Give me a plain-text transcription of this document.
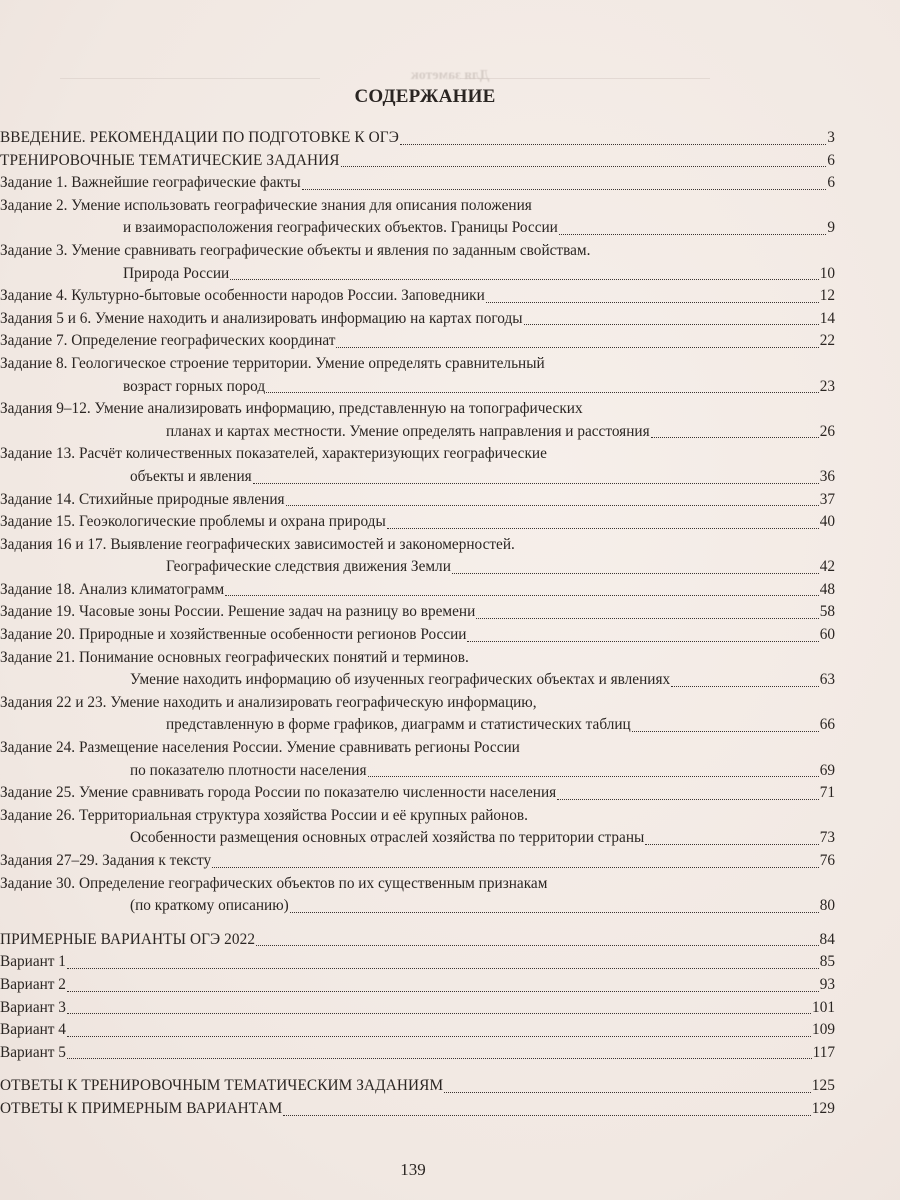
Для заметок
СОДЕРЖАНИЕ
ВВЕДЕНИЕ. РЕКОМЕНДАЦИИ ПО ПОДГОТОВКЕ К ОГЭ	3
ТРЕНИРОВОЧНЫЕ ТЕМАТИЧЕСКИЕ ЗАДАНИЯ	6
Задание 1. Важнейшие географические факты	6
Задание 2. Умение использовать географические знания для описания положения
и взаиморасположения географических объектов. Границы России	9
Задание 3. Умение сравнивать географические объекты и явления по заданным свойствам.
Природа России	10
Задание 4. Культурно-бытовые особенности народов России. Заповедники	12
Задания 5 и 6. Умение находить и анализировать информацию на картах погоды	14
Задание 7. Определение географических координат	22
Задание 8. Геологическое строение территории. Умение определять сравнительный
возраст горных пород	23
Задания 9–12. Умение анализировать информацию, представленную на топографических
планах и картах местности. Умение определять направления и расстояния	26
Задание 13. Расчёт количественных показателей, характеризующих географические
объекты и явления	36
Задание 14. Стихийные природные явления	37
Задание 15. Геоэкологические проблемы и охрана природы	40
Задания 16 и 17. Выявление географических зависимостей и закономерностей.
Географические следствия движения Земли	42
Задание 18. Анализ климатограмм	48
Задание 19. Часовые зоны России. Решение задач на разницу во времени	58
Задание 20. Природные и хозяйственные особенности регионов России	60
Задание 21. Понимание основных географических понятий и терминов.
Умение находить информацию об изученных географических объектах и явлениях	63
Задания 22 и 23. Умение находить и анализировать географическую информацию,
представленную в форме графиков, диаграмм и статистических таблиц	66
Задание 24. Размещение населения России. Умение сравнивать регионы России
по показателю плотности населения	69
Задание 25. Умение сравнивать города России по показателю численности населения	71
Задание 26. Территориальная структура хозяйства России и её крупных районов.
Особенности размещения основных отраслей хозяйства по территории страны	73
Задания 27–29. Задания к тексту	76
Задание 30. Определение географических объектов по их существенным признакам
(по краткому описанию)	80
ПРИМЕРНЫЕ ВАРИАНТЫ ОГЭ 2022	84
Вариант 1	85
Вариант 2	93
Вариант 3	101
Вариант 4	109
Вариант 5	117
ОТВЕТЫ К ТРЕНИРОВОЧНЫМ ТЕМАТИЧЕСКИМ ЗАДАНИЯМ	125
ОТВЕТЫ К ПРИМЕРНЫМ ВАРИАНТАМ	129
139
